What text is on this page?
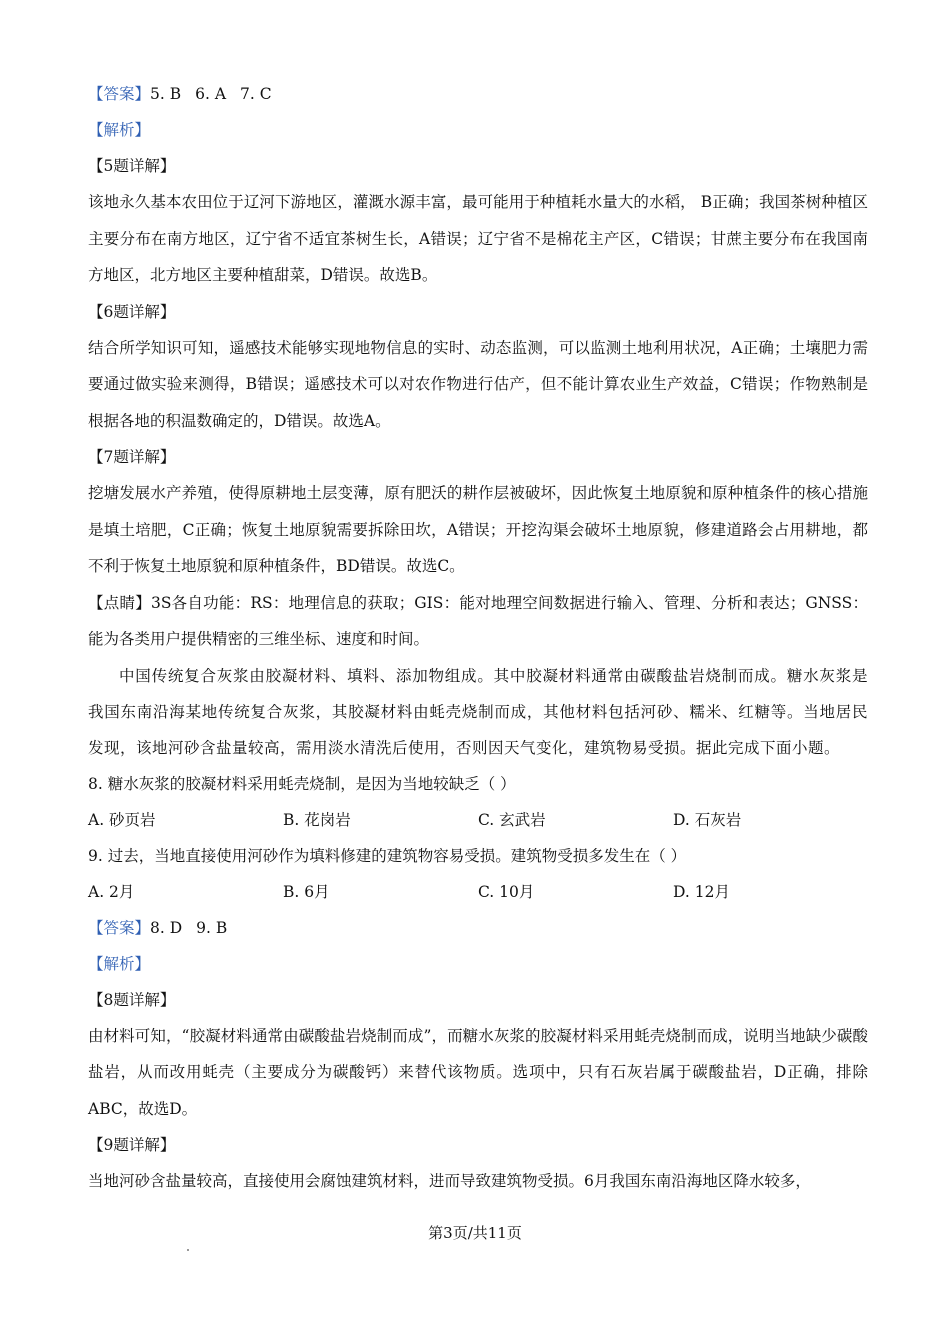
【答案】5. B 6. A 7. C
【解析】
【5题详解】
该地永久基本农田位于辽河下游地区，灌溉水源丰富，最可能用于种植耗水量大的水稻， B正确；我国茶树种植区主要分布在南方地区，辽宁省不适宜茶树生长，A错误；辽宁省不是棉花主产区，C错误；甘蔗主要分布在我国南方地区，北方地区主要种植甜菜，D错误。故选B。
【6题详解】
结合所学知识可知，遥感技术能够实现地物信息的实时、动态监测，可以监测土地利用状况，A正确；土壤肥力需要通过做实验来测得，B错误；遥感技术可以对农作物进行估产，但不能计算农业生产效益，C错误；作物熟制是根据各地的积温数确定的，D错误。故选A。
【7题详解】
挖塘发展水产养殖，使得原耕地土层变薄，原有肥沃的耕作层被破坏，因此恢复土地原貌和原种植条件的核心措施是填土培肥，C正确；恢复土地原貌需要拆除田坎，A错误；开挖沟渠会破坏土地原貌，修建道路会占用耕地，都不利于恢复土地原貌和原种植条件，BD错误。故选C。
【点睛】3S各自功能：RS：地理信息的获取；GIS：能对地理空间数据进行输入、管理、分析和表达；GNSS：能为各类用户提供精密的三维坐标、速度和时间。
中国传统复合灰浆由胶凝材料、填料、添加物组成。其中胶凝材料通常由碳酸盐岩烧制而成。糖水灰浆是我国东南沿海某地传统复合灰浆，其胶凝材料由蚝壳烧制而成，其他材料包括河砂、糯米、红糖等。当地居民发现，该地河砂含盐量较高，需用淡水清洗后使用，否则因天气变化，建筑物易受损。据此完成下面小题。
8. 糖水灰浆的胶凝材料采用蚝壳烧制，是因为当地较缺乏（ ）
A. 砂页岩	B. 花岗岩	C. 玄武岩	D. 石灰岩
9. 过去，当地直接使用河砂作为填料修建的建筑物容易受损。建筑物受损多发生在（ ）
A. 2月	B. 6月	C. 10月	D. 12月
【答案】8. D 9. B
【解析】
【8题详解】
由材料可知，“胶凝材料通常由碳酸盐岩烧制而成”，而糖水灰浆的胶凝材料采用蚝壳烧制而成，说明当地缺少碳酸盐岩，从而改用蚝壳（主要成分为碳酸钙）来替代该物质。选项中，只有石灰岩属于碳酸盐岩，D正确，排除ABC，故选D。
【9题详解】
当地河砂含盐量较高，直接使用会腐蚀建筑材料，进而导致建筑物受损。6月我国东南沿海地区降水较多，
第3页/共11页
